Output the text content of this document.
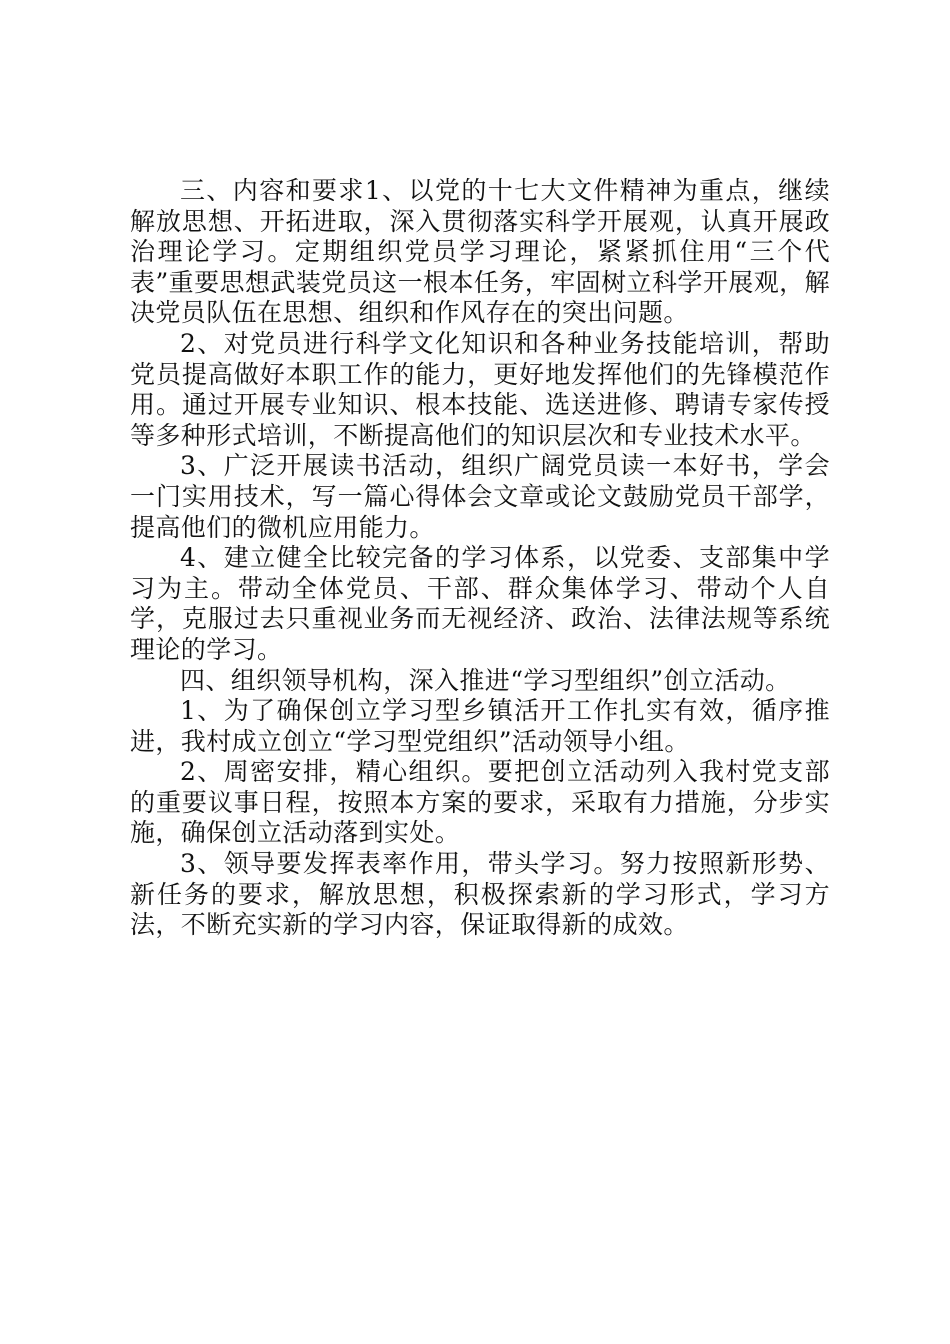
三、内容和要求1、以党的十七大文件精神为重点，继续解放思想、开拓进取，深入贯彻落实科学开展观，认真开展政治理论学习。定期组织党员学习理论，紧紧抓住用“三个代表”重要思想武装党员这一根本任务，牢固树立科学开展观，解决党员队伍在思想、组织和作风存在的突出问题。

2、对党员进行科学文化知识和各种业务技能培训，帮助党员提高做好本职工作的能力，更好地发挥他们的先锋模范作用。通过开展专业知识、根本技能、选送进修、聘请专家传授等多种形式培训，不断提高他们的知识层次和专业技术水平。

3、广泛开展读书活动，组织广阔党员读一本好书，学会一门实用技术，写一篇心得体会文章或论文鼓励党员干部学，提高他们的微机应用能力。

4、建立健全比较完备的学习体系，以党委、支部集中学习为主。带动全体党员、干部、群众集体学习、带动个人自学，克服过去只重视业务而无视经济、政治、法律法规等系统理论的学习。

四、组织领导机构，深入推进“学习型组织”创立活动。

1、为了确保创立学习型乡镇活开工作扎实有效，循序推进，我村成立创立“学习型党组织”活动领导小组。

2、周密安排，精心组织。要把创立活动列入我村党支部的重要议事日程，按照本方案的要求，采取有力措施，分步实施，确保创立活动落到实处。

3、领导要发挥表率作用，带头学习。努力按照新形势、新任务的要求，解放思想，积极探索新的学习形式，学习方法，不断充实新的学习内容，保证取得新的成效。
